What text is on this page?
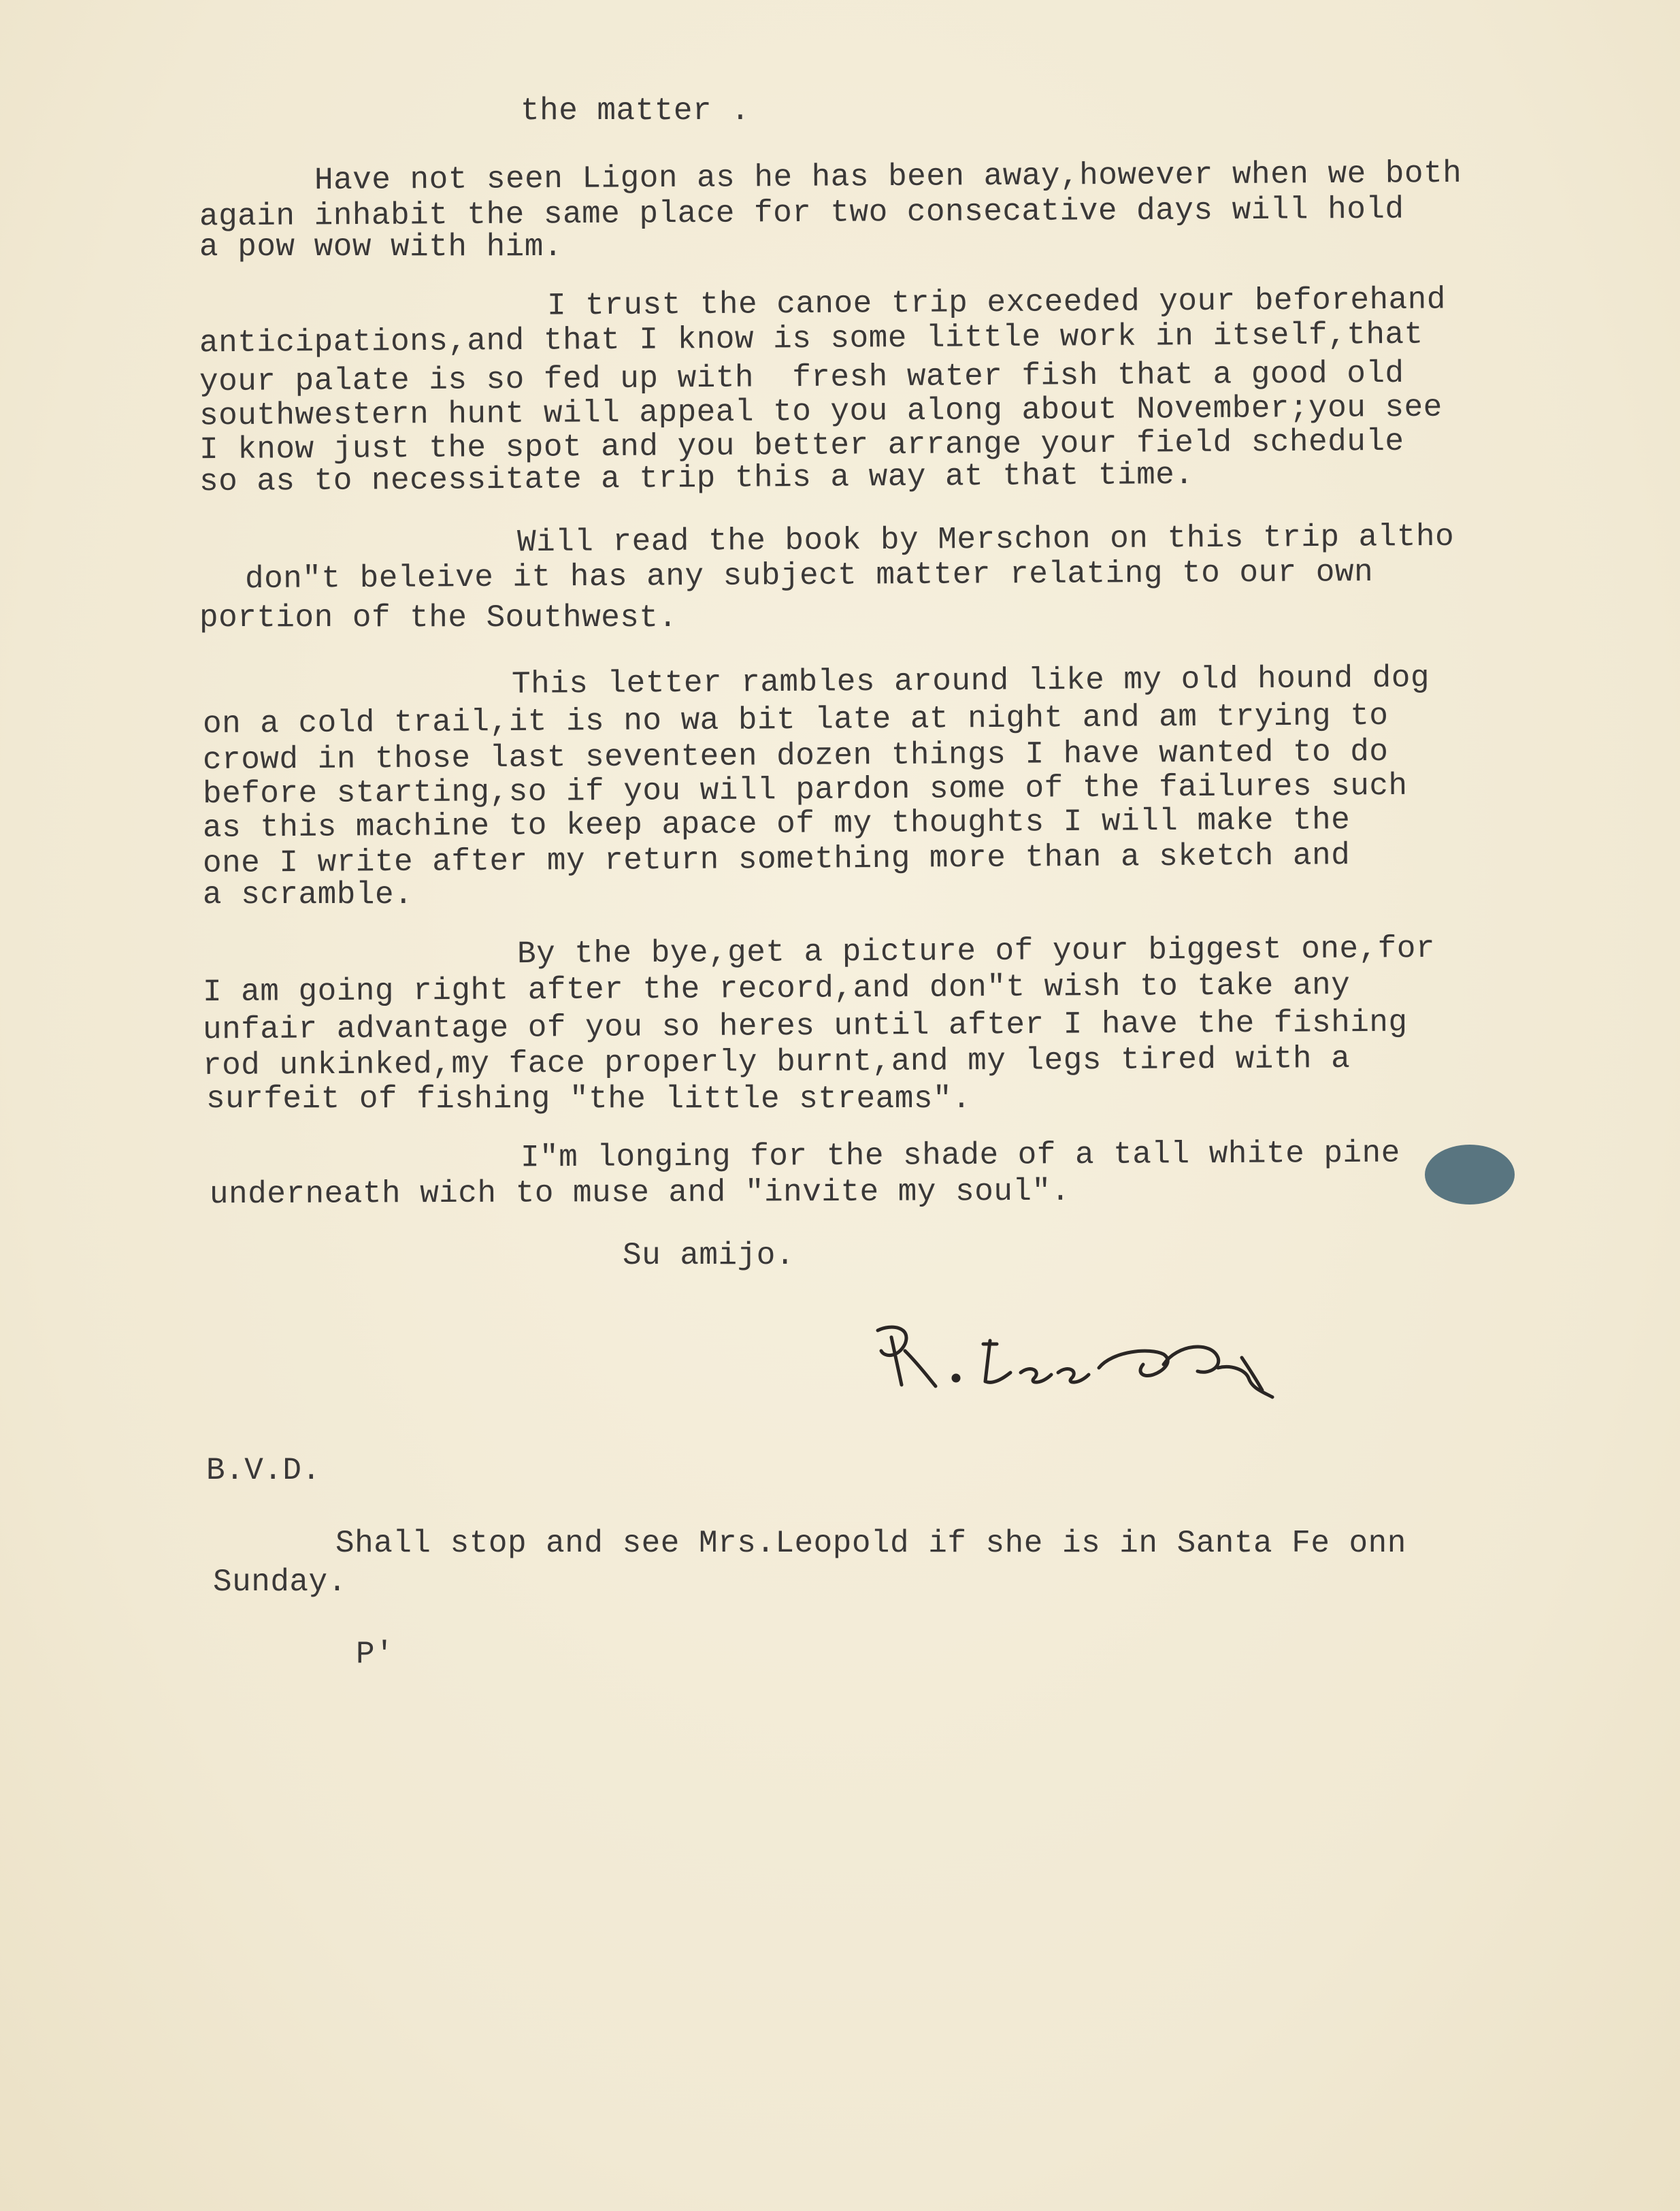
the matter .
Have not seen Ligon as he has been away,however when we both
again inhabit the same place for two consecative days will hold
a pow wow with him.
I trust the canoe trip exceeded your beforehand
anticipations,and that I know is some little work in itself,that
your palate is so fed up with  fresh water fish that a good old
southwestern hunt will appeal to you along about November;you see
I know just the spot and you better arrange your field schedule
so as to necessitate a trip this a way at that time.
Will read the book by Merschon on this trip altho
don"t beleive it has any subject matter relating to our own
portion of the Southwest.
This letter rambles around like my old hound dog
on a cold trail,it is no wa bit late at night and am trying to
crowd in those last seventeen dozen things I have wanted to do
before starting,so if you will pardon some of the failures such
as this machine to keep apace of my thoughts I will make the
one I write after my return something more than a sketch and
a scramble.
By the bye,get a picture of your biggest one,for
I am going right after the record,and don"t wish to take any
unfair advantage of you so heres until after I have the fishing
rod unkinked,my face properly burnt,and my legs tired with a
surfeit of fishing "the little streams".
I"m longing for the shade of a tall white pine
underneath wich to muse and "invite my soul".
Su amijo.
B.V.D.
Shall stop and see Mrs.Leopold if she is in Santa Fe onn
Sunday.
P'
